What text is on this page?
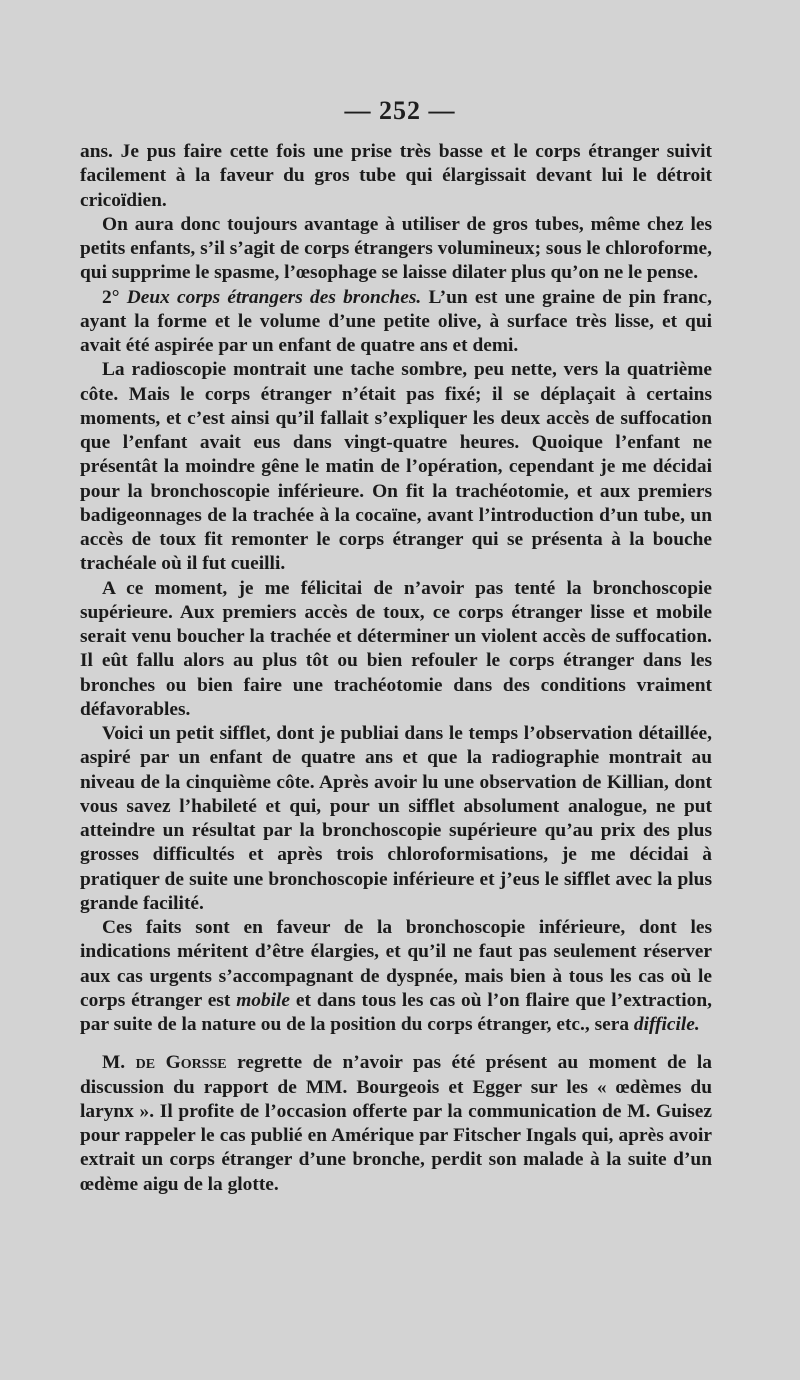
— 252 —

ans. Je pus faire cette fois une prise très basse et le corps étranger suivit facilement à la faveur du gros tube qui élargissait devant lui le détroit cricoïdien.

On aura donc toujours avantage à utiliser de gros tubes, même chez les petits enfants, s’il s’agit de corps étrangers volumineux; sous le chloroforme, qui supprime le spasme, l’œsophage se laisse dilater plus qu’on ne le pense.

2° Deux corps étrangers des bronches. L’un est une graine de pin franc, ayant la forme et le volume d’une petite olive, à surface très lisse, et qui avait été aspirée par un enfant de quatre ans et demi.

La radioscopie montrait une tache sombre, peu nette, vers la quatrième côte. Mais le corps étranger n’était pas fixé; il se déplaçait à certains moments, et c’est ainsi qu’il fallait s’expliquer les deux accès de suffocation que l’enfant avait eus dans vingt-quatre heures. Quoique l’enfant ne présentât la moindre gêne le matin de l’opération, cependant je me décidai pour la bronchoscopie inférieure. On fit la trachéotomie, et aux premiers badigeonnages de la trachée à la cocaïne, avant l’introduction d’un tube, un accès de toux fit remonter le corps étranger qui se présenta à la bouche trachéale où il fut cueilli.

A ce moment, je me félicitai de n’avoir pas tenté la bronchoscopie supérieure. Aux premiers accès de toux, ce corps étranger lisse et mobile serait venu boucher la trachée et déterminer un violent accès de suffocation. Il eût fallu alors au plus tôt ou bien refouler le corps étranger dans les bronches ou bien faire une trachéotomie dans des conditions vraiment défavorables.

Voici un petit sifflet, dont je publiai dans le temps l’observation détaillée, aspiré par un enfant de quatre ans et que la radiographie montrait au niveau de la cinquième côte. Après avoir lu une observation de Killian, dont vous savez l’habileté et qui, pour un sifflet absolument analogue, ne put atteindre un résultat par la bronchoscopie supérieure qu’au prix des plus grosses difficultés et après trois chloroformisations, je me décidai à pratiquer de suite une bronchoscopie inférieure et j’eus le sifflet avec la plus grande facilité.

Ces faits sont en faveur de la bronchoscopie inférieure, dont les indications méritent d’être élargies, et qu’il ne faut pas seulement réserver aux cas urgents s’accompagnant de dyspnée, mais bien à tous les cas où le corps étranger est mobile et dans tous les cas où l’on flaire que l’extraction, par suite de la nature ou de la position du corps étranger, etc., sera difficile.

M. de Gorsse regrette de n’avoir pas été présent au moment de la discussion du rapport de MM. Bourgeois et Egger sur les « œdèmes du larynx ». Il profite de l’occasion offerte par la communication de M. Guisez pour rappeler le cas publié en Amérique par Fitscher Ingals qui, après avoir extrait un corps étranger d’une bronche, perdit son malade à la suite d’un œdème aigu de la glotte.
